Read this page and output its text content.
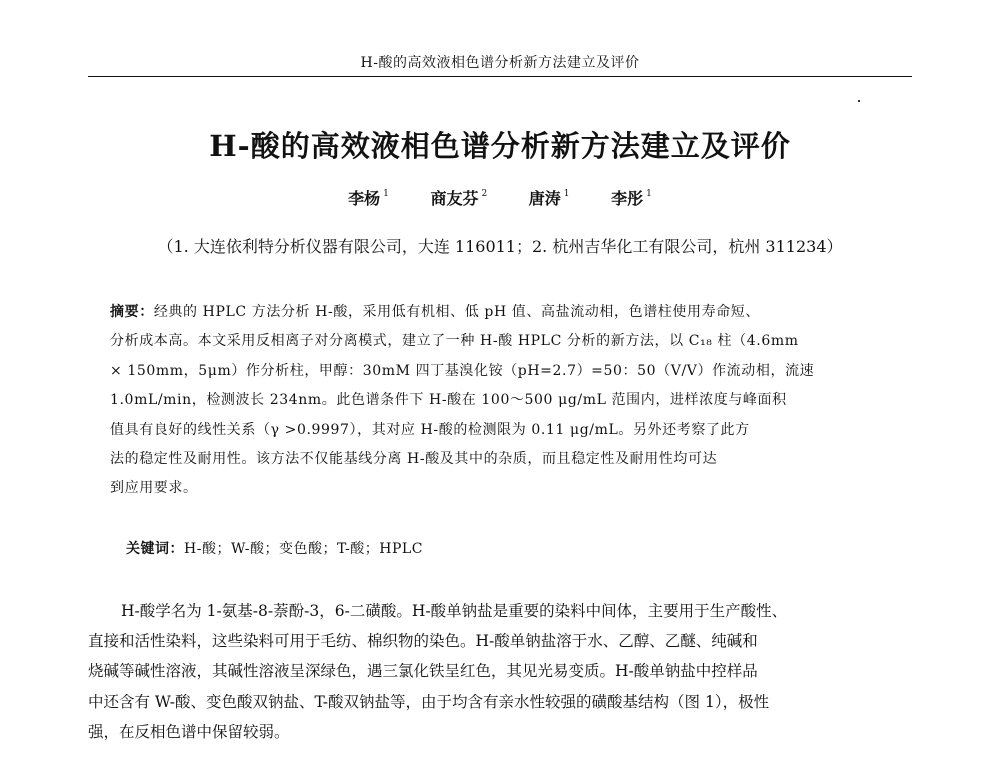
H-酸的高效液相色谱分析新方法建立及评价
H-酸的高效液相色谱分析新方法建立及评价
李杨 $^1$	商友芬 $^2$	唐涛 $^1$	李彤 $^1$
（1. 大连依利特分析仪器有限公司，大连 116011；2. 杭州吉华化工有限公司，杭州 311234）
摘要：经典的 HPLC 方法分析 H-酸，采用低有机相、低 pH 值、高盐流动相，色谱柱使用寿命短、
分析成本高。本文采用反相离子对分离模式，建立了一种 H-酸 HPLC 分析的新方法，以 C₁₈ 柱（4.6mm
× 150mm，5μm）作分析柱，甲醇：30mM 四丁基溴化铵（pH=2.7）=50：50（V/V）作流动相，流速
1.0mL/min，检测波长 234nm。此色谱条件下 H-酸在 100～500 μg/mL 范围内，进样浓度与峰面积
值具有良好的线性关系（γ >0.9997），其对应 H-酸的检测限为 0.11 μg/mL。另外还考察了此方
法的稳定性及耐用性。该方法不仅能基线分离 H-酸及其中的杂质，而且稳定性及耐用性均可达
到应用要求。
关键词：H-酸；W-酸；变色酸；T-酸；HPLC
H-酸学名为 1-氨基-8-萘酚-3，6-二磺酸。H-酸单钠盐是重要的染料中间体，主要用于生产酸性、
直接和活性染料，这些染料可用于毛纺、棉织物的染色。H-酸单钠盐溶于水、乙醇、乙醚、纯碱和
烧碱等碱性溶液，其碱性溶液呈深绿色，遇三氯化铁呈红色，其见光易变质。H-酸单钠盐中控样品
中还含有 W-酸、变色酸双钠盐、T-酸双钠盐等，由于均含有亲水性较强的磺酸基结构（图 1），极性
强，在反相色谱中保留较弱。
